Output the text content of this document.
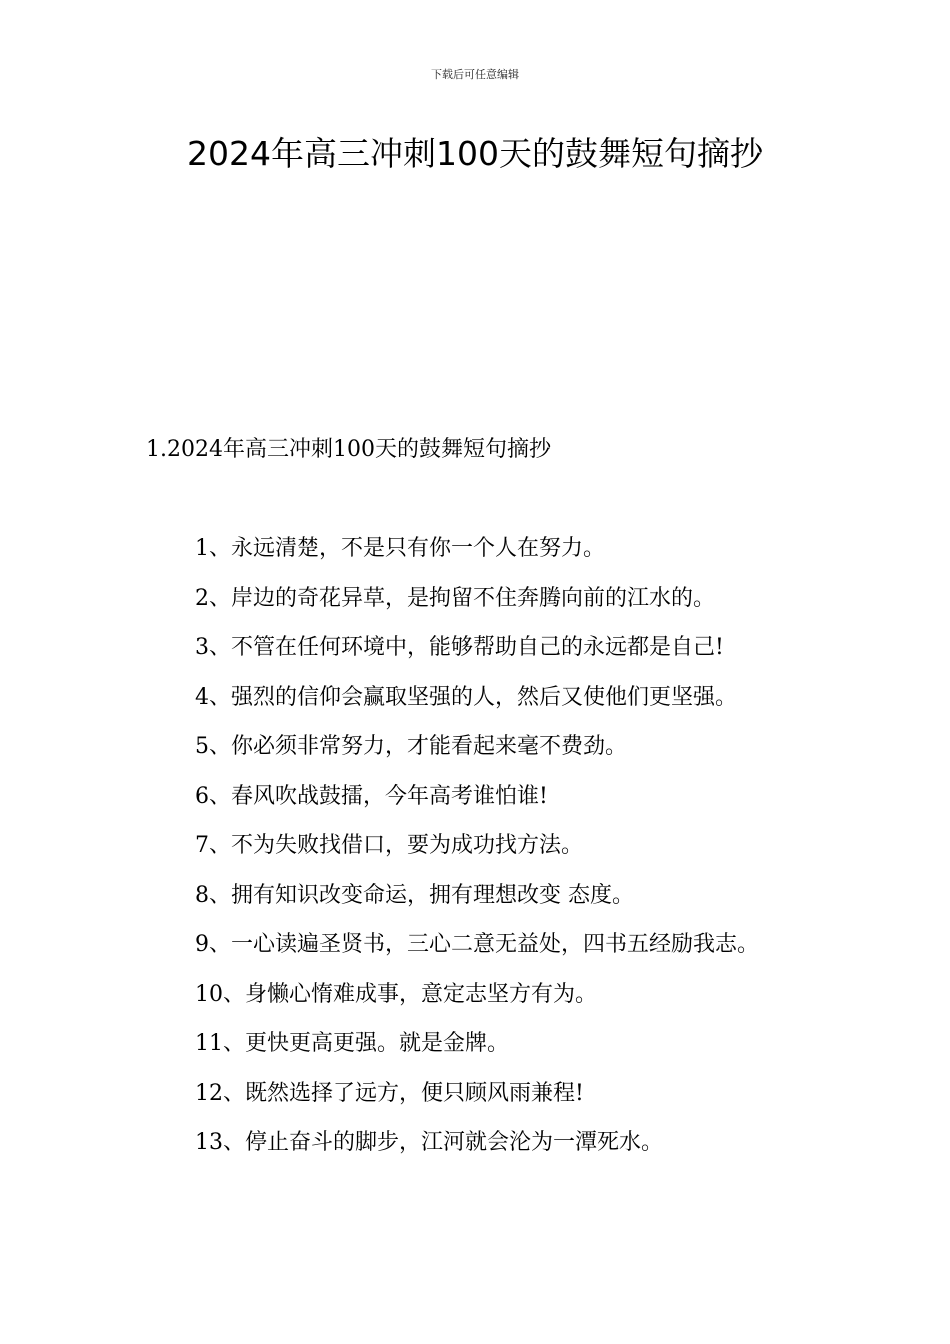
下载后可任意编辑
2024年高三冲刺100天的鼓舞短句摘抄
1.2024年高三冲刺100天的鼓舞短句摘抄

1、永远清楚，不是只有你一个人在努力。

2、岸边的奇花异草，是拘留不住奔腾向前的江水的。

3、不管在任何环境中，能够帮助自己的永远都是自己!

4、强烈的信仰会赢取坚强的人，然后又使他们更坚强。

5、你必须非常努力，才能看起来毫不费劲。

6、春风吹战鼓擂，今年高考谁怕谁!

7、不为失败找借口，要为成功找方法。

8、拥有知识改变命运，拥有理想改变 态度。

9、一心读遍圣贤书，三心二意无益处，四书五经励我志。

10、身懒心惰难成事，意定志坚方有为。

11、更快更高更强。就是金牌。

12、既然选择了远方，便只顾风雨兼程!

13、停止奋斗的脚步，江河就会沦为一潭死水。
